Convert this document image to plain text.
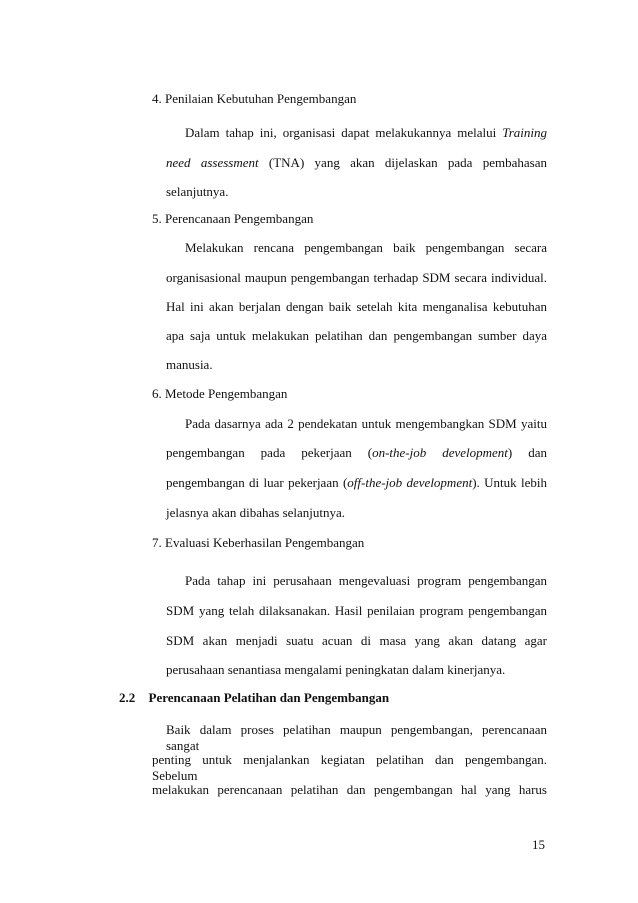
4. Penilaian Kebutuhan Pengembangan
Dalam tahap ini, organisasi dapat melakukannya melalui Training
need assessment (TNA) yang akan dijelaskan pada pembahasan
selanjutnya.
5. Perencanaan Pengembangan
Melakukan rencana pengembangan baik pengembangan secara
organisasional maupun pengembangan terhadap SDM secara individual.
Hal ini akan berjalan dengan baik setelah kita menganalisa kebutuhan
apa saja untuk melakukan pelatihan dan pengembangan sumber daya
manusia.
6. Metode Pengembangan
Pada dasarnya ada 2 pendekatan untuk mengembangkan SDM yaitu
pengembangan pada pekerjaan (on-the-job development) dan
pengembangan di luar pekerjaan (off-the-job development). Untuk lebih
jelasnya akan dibahas selanjutnya.
7. Evaluasi Keberhasilan Pengembangan
Pada tahap ini perusahaan mengevaluasi program pengembangan
SDM yang telah dilaksanakan. Hasil penilaian program pengembangan
SDM akan menjadi suatu acuan di masa yang akan datang agar
perusahaan senantiasa mengalami peningkatan dalam kinerjanya.
2.2 Perencanaan Pelatihan dan Pengembangan
Baik dalam proses pelatihan maupun pengembangan, perencanaan sangat
penting untuk menjalankan kegiatan pelatihan dan pengembangan. Sebelum
melakukan perencanaan pelatihan dan pengembangan hal yang harus
15
